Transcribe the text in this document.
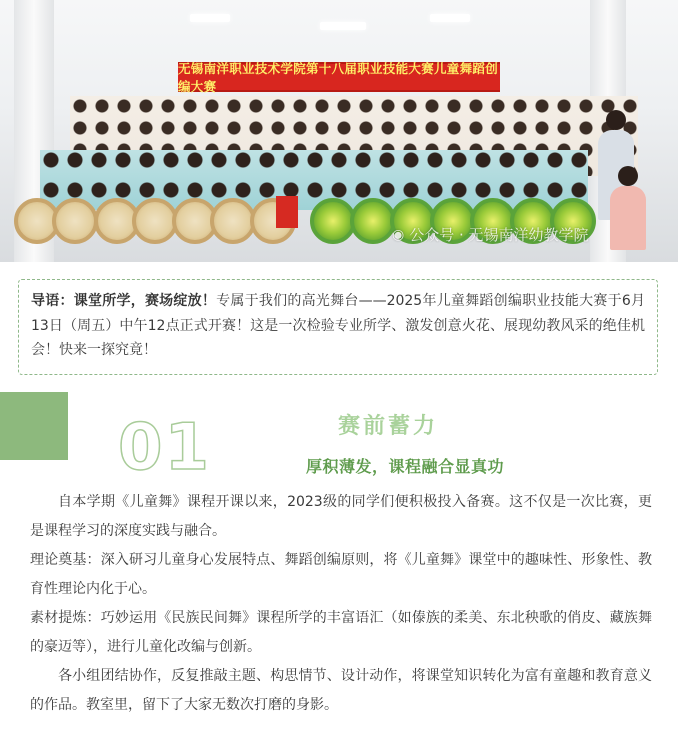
无锡南洋职业技术学院第十八届职业技能大赛儿童舞蹈创编大赛
◉ 公众号 · 无锡南洋幼教学院
导语：课堂所学，赛场绽放！专属于我们的高光舞台——2025年儿童舞蹈创编职业技能大赛于6月13日（周五）中午12点正式开赛！这是一次检验专业所学、激发创意火花、展现幼教风采的绝佳机会！快来一探究竟！
01	赛前蓄力
厚积薄发，课程融合显真功

自本学期《儿童舞》课程开课以来，2023级的同学们便积极投入备赛。这不仅是一次比赛，更是课程学习的深度实践与融合。

理论奠基：深入研习儿童身心发展特点、舞蹈创编原则，将《儿童舞》课堂中的趣味性、形象性、教育性理论内化于心。

素材提炼：巧妙运用《民族民间舞》课程所学的丰富语汇（如傣族的柔美、东北秧歌的俏皮、藏族舞的豪迈等），进行儿童化改编与创新。

各小组团结协作，反复推敲主题、构思情节、设计动作，将课堂知识转化为富有童趣和教育意义的作品。教室里，留下了大家无数次打磨的身影。
